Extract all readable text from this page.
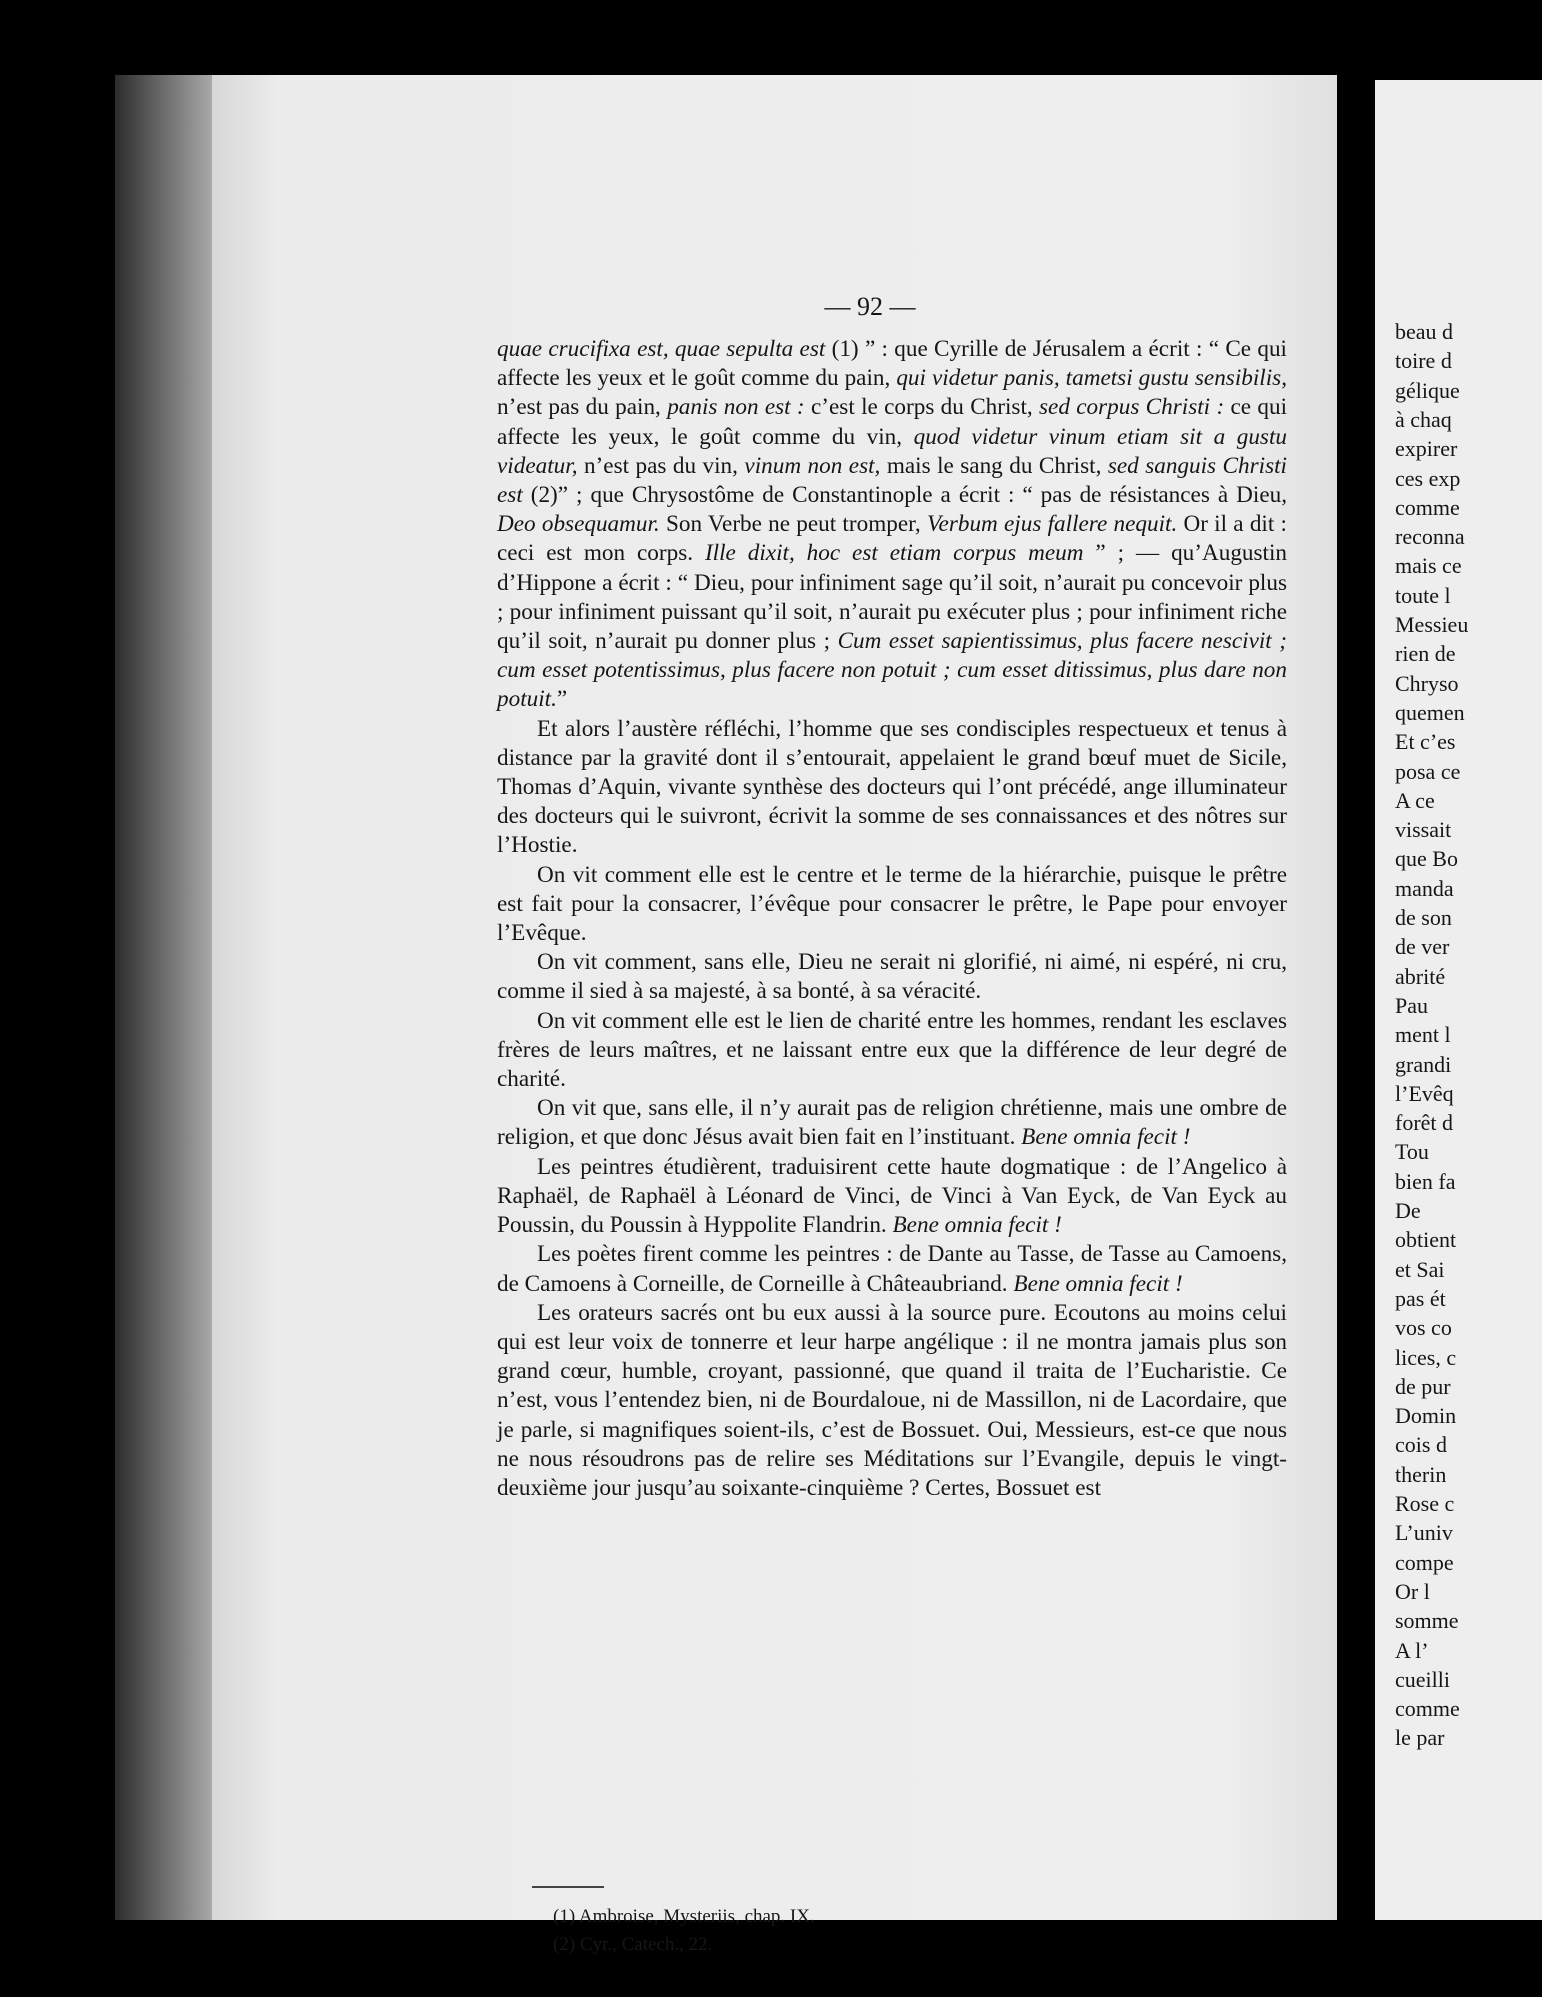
beau d
toire d
gélique
à chaq
expirer
ces exp
comme
reconna
mais ce
toute l
Messieu
rien de
Chryso
quemen
Et c’es
posa ce
A ce
vissait
que Bo
manda
de son
de ver
abrité
Pau
ment l
grandi
l’Evêq
forêt d
Tou
bien fa
De
obtient
et Sai
pas ét
vos co
lices, c
de pur
Domin
cois d
therin
Rose c
L’univ
compe
Or l
somme
A l’
cueilli
comme
le par
— 92 —

quae crucifixa est, quae sepulta est (1) ” : que Cyrille de Jérusalem a écrit : “ Ce qui affecte les yeux et le goût comme du pain, qui videtur panis, tametsi gustu sensibilis, n’est pas du pain, panis non est : c’est le corps du Christ, sed corpus Christi : ce qui affecte les yeux, le goût comme du vin, quod videtur vinum etiam sit a gustu videatur, n’est pas du vin, vinum non est, mais le sang du Christ, sed sanguis Christi est (2)” ; que Chrysostôme de Constantinople a écrit : “ pas de résistances à Dieu, Deo obsequamur. Son Verbe ne peut tromper, Verbum ejus fallere nequit. Or il a dit : ceci est mon corps. Ille dixit, hoc est etiam corpus meum ” ; — qu’Augustin d’Hippone a écrit : “ Dieu, pour infiniment sage qu’il soit, n’aurait pu concevoir plus ; pour infiniment puissant qu’il soit, n’aurait pu exécuter plus ; pour infiniment riche qu’il soit, n’aurait pu donner plus ; Cum esset sapientissimus, plus facere nescivit ; cum esset potentissimus, plus facere non potuit ; cum esset ditissimus, plus dare non potuit.”

Et alors l’austère réfléchi, l’homme que ses condisciples respectueux et tenus à distance par la gravité dont il s’entourait, appelaient le grand bœuf muet de Sicile, Thomas d’Aquin, vivante synthèse des docteurs qui l’ont précédé, ange illuminateur des docteurs qui le suivront, écrivit la somme de ses connaissances et des nôtres sur l’Hostie.

On vit comment elle est le centre et le terme de la hiérarchie, puisque le prêtre est fait pour la consacrer, l’évêque pour consacrer le prêtre, le Pape pour envoyer l’Evêque.

On vit comment, sans elle, Dieu ne serait ni glorifié, ni aimé, ni espéré, ni cru, comme il sied à sa majesté, à sa bonté, à sa véracité.

On vit comment elle est le lien de charité entre les hommes, rendant les esclaves frères de leurs maîtres, et ne laissant entre eux que la différence de leur degré de charité.

On vit que, sans elle, il n’y aurait pas de religion chrétienne, mais une ombre de religion, et que donc Jésus avait bien fait en l’instituant. Bene omnia fecit !

Les peintres étudièrent, traduisirent cette haute dogmatique : de l’Angelico à Raphaël, de Raphaël à Léonard de Vinci, de Vinci à Van Eyck, de Van Eyck au Poussin, du Poussin à Hyppolite Flandrin. Bene omnia fecit !

Les poètes firent comme les peintres : de Dante au Tasse, de Tasse au Camoens, de Camoens à Corneille, de Corneille à Châteaubriand. Bene omnia fecit !

Les orateurs sacrés ont bu eux aussi à la source pure. Ecoutons au moins celui qui est leur voix de tonnerre et leur harpe angélique : il ne montra jamais plus son grand cœur, humble, croyant, passionné, que quand il traita de l’Eucharistie. Ce n’est, vous l’entendez bien, ni de Bourdaloue, ni de Massillon, ni de Lacordaire, que je parle, si magnifiques soient-ils, c’est de Bossuet. Oui, Messieurs, est-ce que nous ne nous résoudrons pas de relire ses Méditations sur l’Evangile, depuis le vingt-deuxième jour jusqu’au soixante-cinquième ? Certes, Bossuet est

(1) Ambroise, Mysteriis, chap. IX.
(2) Cyr., Catech., 22.
